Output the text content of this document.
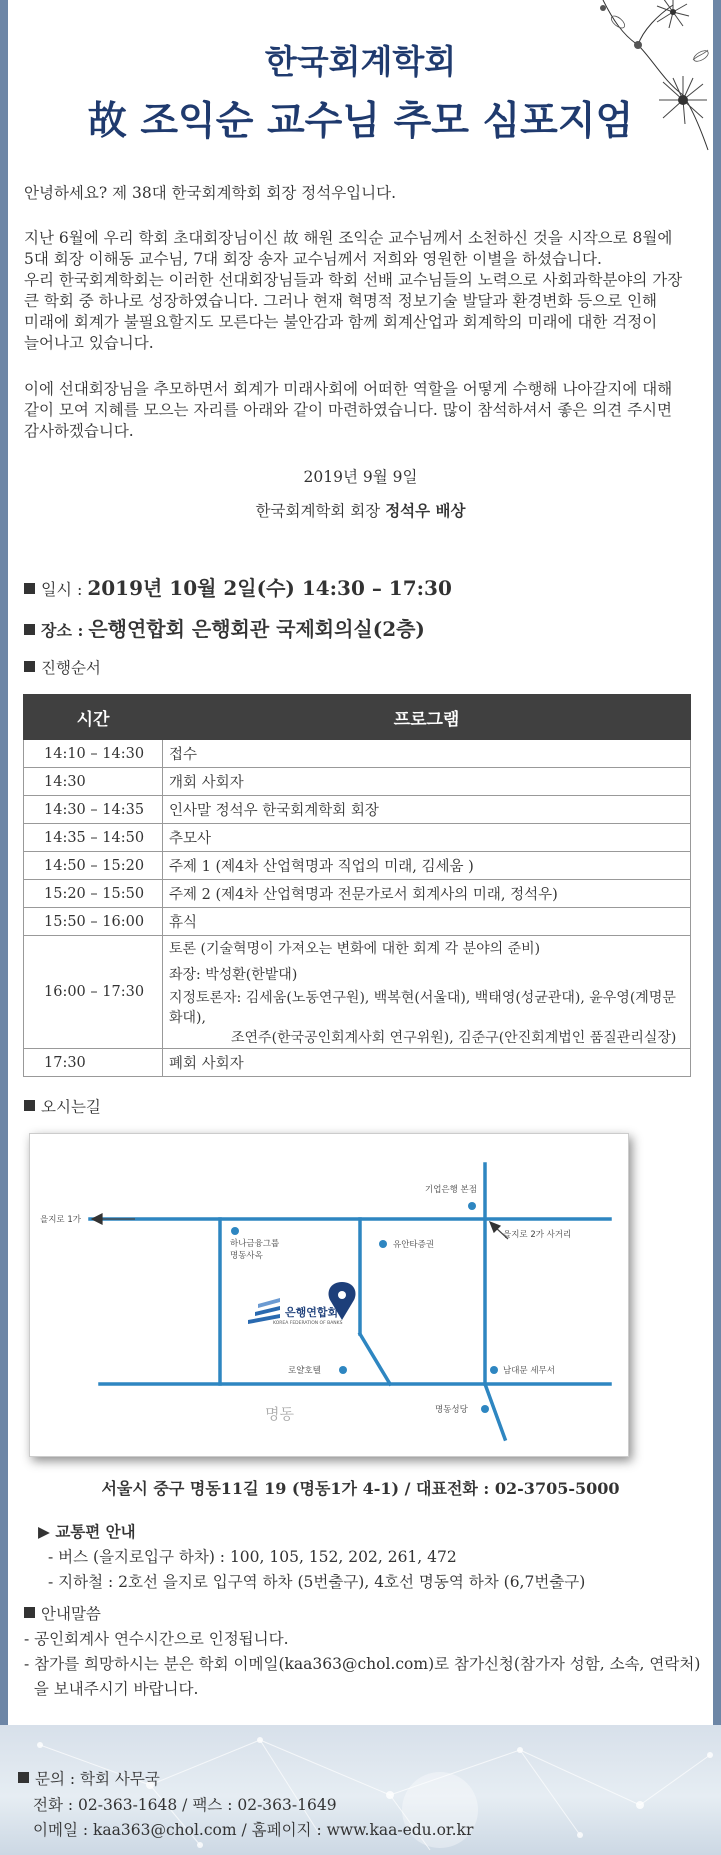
한국회계학회
故 조익순 교수님 추모 심포지엄
안녕하세요? 제 38대 한국회계학회 회장 정석우입니다.
지난 6월에 우리 학회 초대회장님이신 故 해원 조익순 교수님께서 소천하신 것을 시작으로 8월에
5대 회장 이해동 교수님, 7대 회장 송자 교수님께서 저희와 영원한 이별을 하셨습니다.
우리 한국회계학회는 이러한 선대회장님들과 학회 선배 교수님들의 노력으로 사회과학분야의 가장
큰 학회 중 하나로 성장하였습니다. 그러나 현재 혁명적 정보기술 발달과 환경변화 등으로 인해
미래에 회계가 불필요할지도 모른다는 불안감과 함께 회계산업과 회계학의 미래에 대한 걱정이
늘어나고 있습니다.
이에 선대회장님을 추모하면서 회계가 미래사회에 어떠한 역할을 어떻게 수행해 나아갈지에 대해
같이 모여 지혜를 모으는 자리를 아래와 같이 마련하였습니다. 많이 참석하셔서 좋은 의견 주시면
감사하겠습니다.
2019년 9월 9일
한국회계학회 회장 정석우 배상
일시 : 2019년 10월 2일(수) 14:30 – 17:30
장소 : 은행연합회 은행회관 국제회의실(2층)
진행순서
시간	프로그램
14:10 – 14:30	접수
14:30	개회 사회자
14:30 – 14:35	인사말 정석우 한국회계학회 회장
14:35 – 14:50	추모사
14:50 – 15:20	주제 1 (제4차 산업혁명과 직업의 미래, 김세움 )
15:20 – 15:50	주제 2 (제4차 산업혁명과 전문가로서 회계사의 미래, 정석우)
15:50 – 16:00	휴식
16:00 – 17:30	토론 (기술혁명이 가져오는 변화에 대한 회계 각 분야의 준비)
좌장: 박성환(한밭대)
지정토론자: 김세움(노동연구원), 백복현(서울대), 백태영(성균관대), 윤우영(계명문화대),
조연주(한국공인회계사회 연구위원), 김준구(안진회계법인 품질관리실장)

17:30	폐회 사회자
오시는길
을지로 1가
기업은행 본점
을지로 2가 사거리
하나금융그룹
명동사옥
유안타증권
은행연합회
KOREA FEDERATION OF BANKS
로얄호텔	남대문 세무서
명동	명동성당
서울시 중구 명동11길 19 (명동1가 4-1) / 대표전화 : 02-3705-5000
▶ 교통편 안내
- 버스 (을지로입구 하차) : 100, 105, 152, 202, 261, 472
- 지하철 : 2호선 을지로 입구역 하차 (5번출구), 4호선 명동역 하차 (6,7번출구)
안내말씀
- 공인회계사 연수시간으로 인정됩니다.
- 참가를 희망하시는 분은 학회 이메일(kaa363@chol.com)로 참가신청(참가자 성함, 소속, 연락처)
을 보내주시기 바랍니다.
문의 : 학회 사무국
전화 : 02-363-1648 / 팩스 : 02-363-1649
이메일 : kaa363@chol.com / 홈페이지 : www.kaa-edu.or.kr
